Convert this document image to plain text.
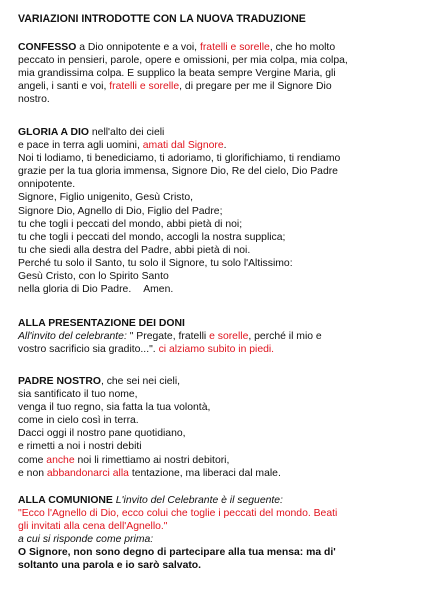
VARIAZIONI INTRODOTTE CON LA NUOVA TRADUZIONE

CONFESSO a Dio onnipotente e a voi, fratelli e sorelle, che ho molto

peccato in pensieri, parole, opere e omissioni, per mia colpa, mia colpa,

mia grandissima colpa. E supplico la beata sempre Vergine Maria, gli

angeli, i santi e voi, fratelli e sorelle, di pregare per me il Signore Dio

nostro.

GLORIA A DIO nell'alto dei cieli

e pace in terra agli uomini, amati dal Signore.

Noi ti lodiamo, ti benediciamo, ti adoriamo, ti glorifichiamo, ti rendiamo

grazie per la tua gloria immensa, Signore Dio, Re del cielo, Dio Padre

onnipotente.

Signore, Figlio unigenito, Gesù Cristo,

Signore Dio, Agnello di Dio, Figlio del Padre;

tu che togli i peccati del mondo, abbi pietà di noi;

tu che togli i peccati del mondo, accogli la nostra supplica;

tu che siedi alla destra del Padre, abbi pietà di noi.

Perché tu solo il Santo, tu solo il Signore, tu solo l'Altissimo:

Gesù Cristo, con lo Spirito Santo

nella gloria di Dio Padre. Amen.

ALLA PRESENTAZIONE DEI DONI

All'invito del celebrante: " Pregate, fratelli e sorelle, perché il mio e

vostro sacrificio sia gradito...". ci alziamo subito in piedi.

PADRE NOSTRO, che sei nei cieli,

sia santificato il tuo nome,

venga il tuo regno, sia fatta la tua volontà,

come in cielo così in terra.

Dacci oggi il nostro pane quotidiano,

e rimetti a noi i nostri debiti

come anche noi li rimettiamo ai nostri debitori,

e non abbandonarci alla tentazione, ma liberaci dal male.

ALLA COMUNIONE L'invito del Celebrante è il seguente:

"Ecco l'Agnello di Dio, ecco colui che toglie i peccati del mondo. Beati

gli invitati alla cena dell'Agnello."

a cui si risponde come prima:

O Signore, non sono degno di partecipare alla tua mensa: ma di'

soltanto una parola e io sarò salvato.
